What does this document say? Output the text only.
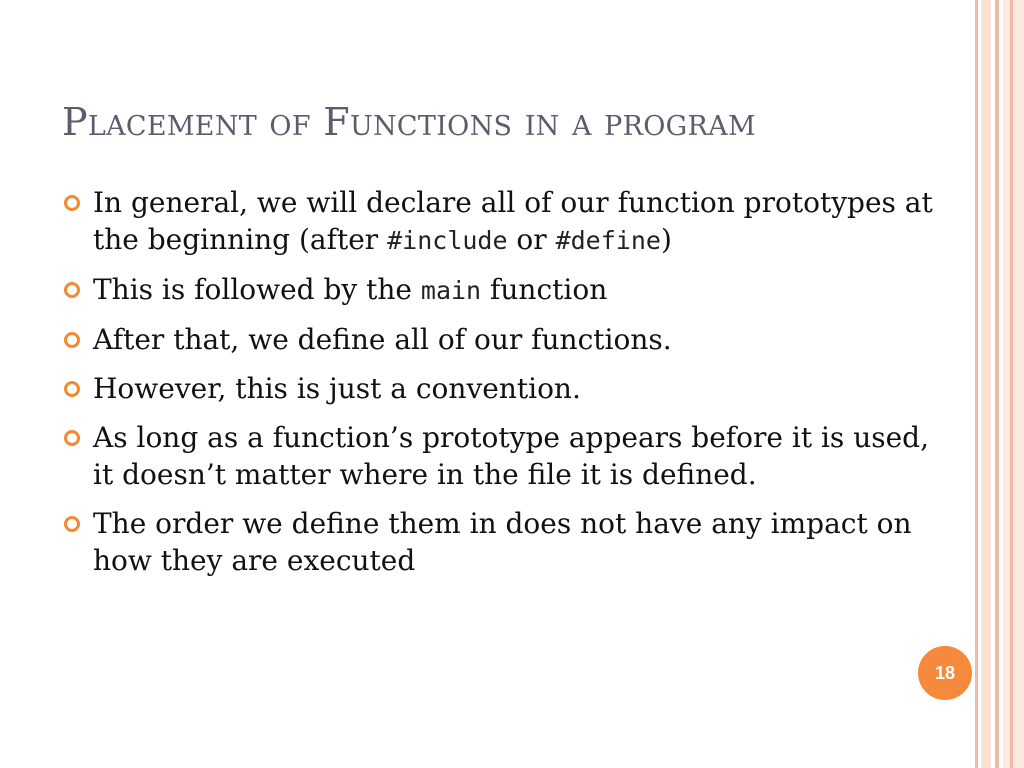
Placement of Functions in a program
In general, we will declare all of our function prototypes at the beginning (after #include or #define)
This is followed by the main function
After that, we define all of our functions.
However, this is just a convention.
As long as a function’s prototype appears before it is used, it doesn’t matter where in the file it is defined.
The order we define them in does not have any impact on how they are executed
18
